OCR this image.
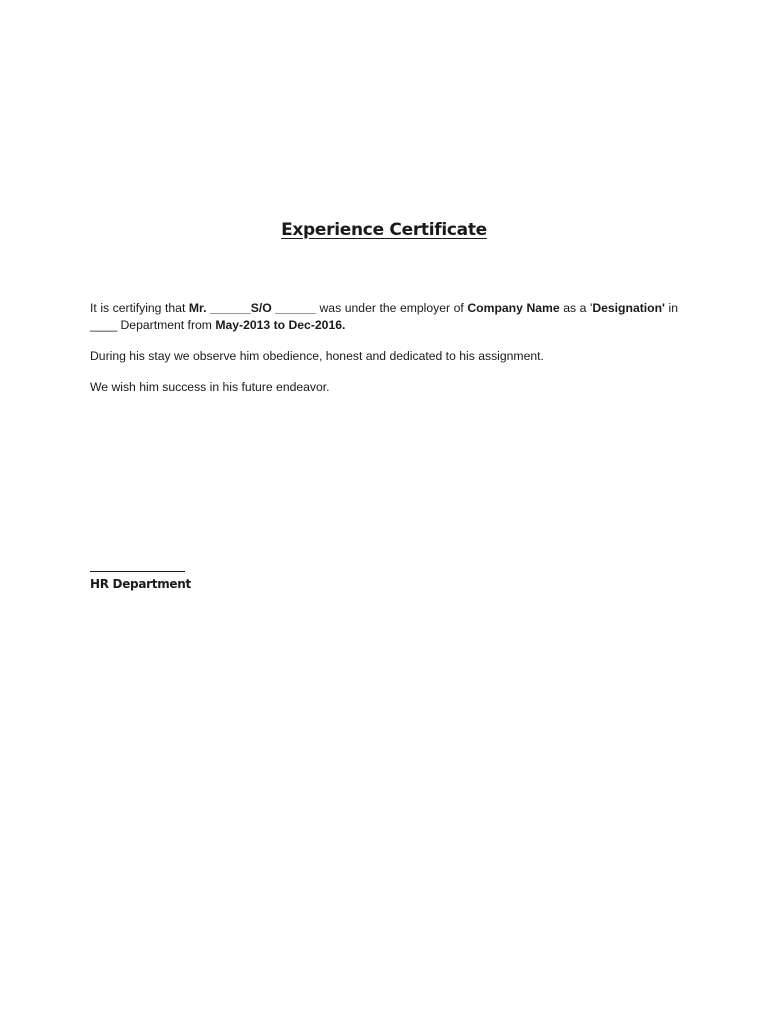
Experience Certificate

It is certifying that Mr. ______S/O ______ was under the employer of Company Name as a 'Designation' in ____ Department from May-2013 to Dec-2016.

During his stay we observe him obedience, honest and dedicated to his assignment.

We wish him success in his future endeavor.

HR Department
